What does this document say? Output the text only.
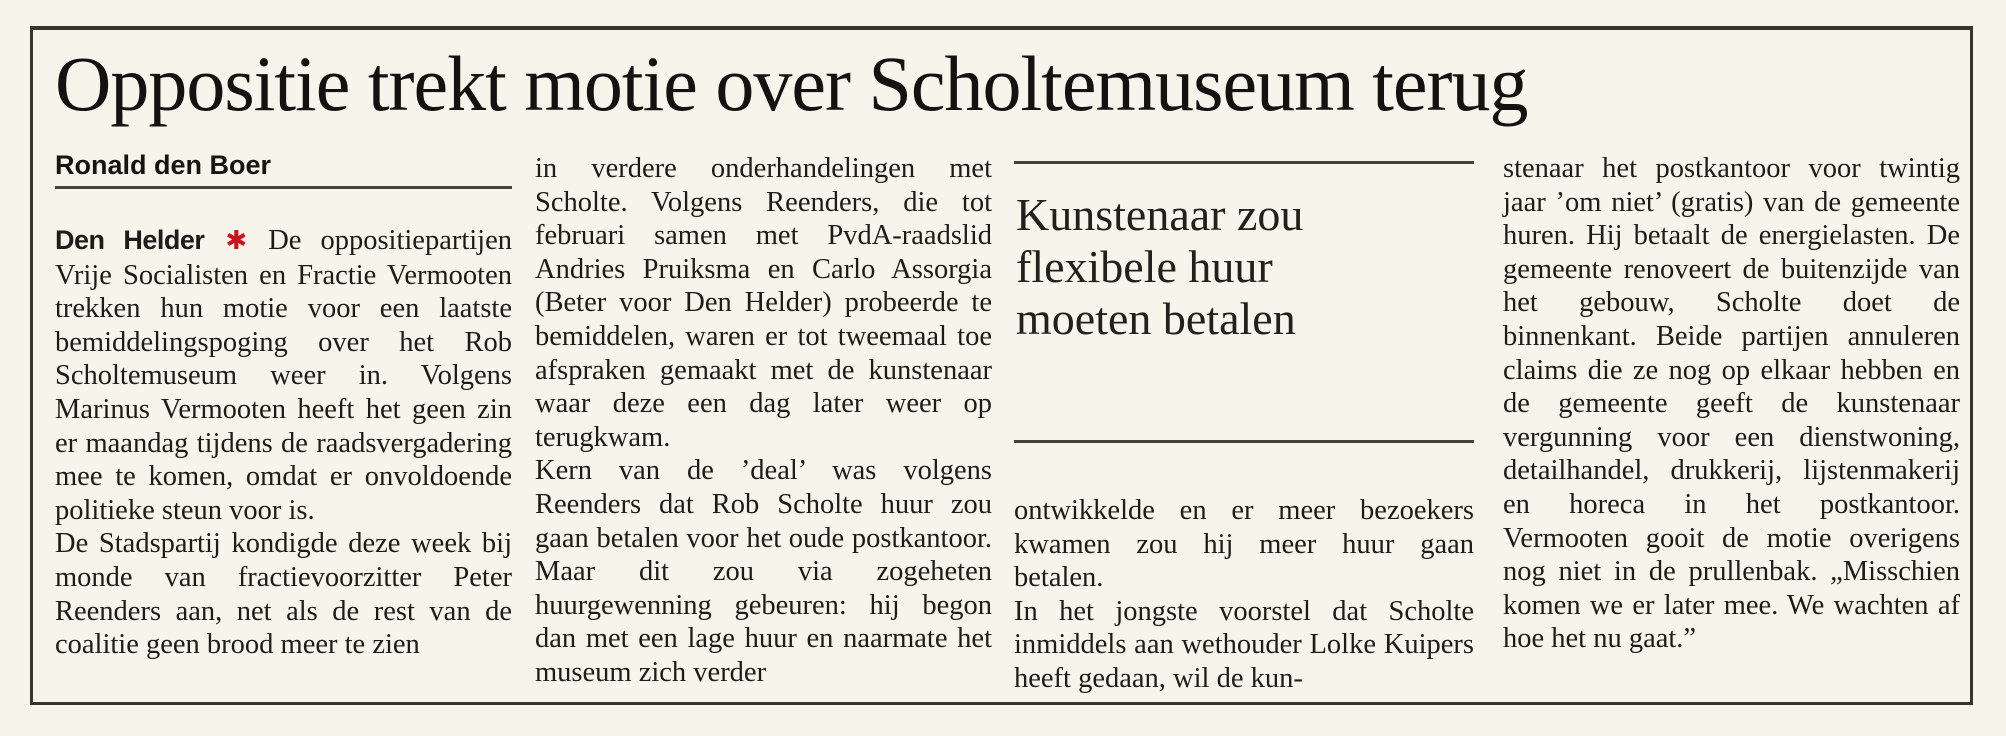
Oppositie trekt motie over Scholtemuseum terug
Ronald den Boer

Den Helder ✱ De oppositiepartijen Vrije Socialisten en Fractie Vermooten trekken hun motie voor een laatste bemiddelingspoging over het Rob Scholtemuseum weer in. Volgens Marinus Vermooten heeft het geen zin er maandag tijdens de raadsvergadering mee te komen, omdat er onvoldoende politieke steun voor is.

De Stadspartij kondigde deze week bij monde van fractievoorzitter Peter Reenders aan, net als de rest van de coalitie geen brood meer te zien

in verdere onderhandelingen met Scholte. Volgens Reenders, die tot februari samen met PvdA-raadslid Andries Pruiksma en Carlo Assorgia (Beter voor Den Helder) probeerde te bemiddelen, waren er tot tweemaal toe afspraken gemaakt met de kunstenaar waar deze een dag later weer op terugkwam.

Kern van de ’deal’ was volgens Reenders dat Rob Scholte huur zou gaan betalen voor het oude postkantoor. Maar dit zou via zogeheten huurgewenning gebeuren: hij begon dan met een lage huur en naarmate het museum zich verder

Kunstenaar zou flexibele huur moeten betalen

ontwikkelde en er meer bezoekers kwamen zou hij meer huur gaan betalen.

In het jongste voorstel dat Scholte inmiddels aan wethouder Lolke Kuipers heeft gedaan, wil de kun-

stenaar het postkantoor voor twintig jaar ’om niet’ (gratis) van de gemeente huren. Hij betaalt de energielasten. De gemeente renoveert de buitenzijde van het gebouw, Scholte doet de binnenkant. Beide partijen annuleren claims die ze nog op elkaar hebben en de gemeente geeft de kunstenaar vergunning voor een dienstwoning, detailhandel, drukkerij, lijstenmakerij en horeca in het postkantoor. Vermooten gooit de motie overigens nog niet in de prullenbak. „Misschien komen we er later mee. We wachten af hoe het nu gaat.”
